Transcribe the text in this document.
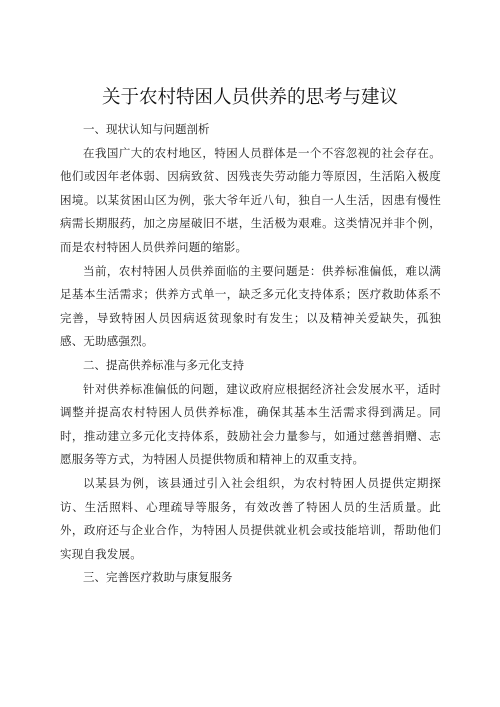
关于农村特困人员供养的思考与建议

一、现状认知与问题剖析

在我国广大的农村地区，特困人员群体是一个不容忽视的社会存在。他们或因年老体弱、因病致贫、因残丧失劳动能力等原因，生活陷入极度困境。以某贫困山区为例，张大爷年近八旬，独自一人生活，因患有慢性病需长期服药，加之房屋破旧不堪，生活极为艰难。这类情况并非个例，而是农村特困人员供养问题的缩影。

当前，农村特困人员供养面临的主要问题是：供养标准偏低，难以满足基本生活需求；供养方式单一，缺乏多元化支持体系；医疗救助体系不完善，导致特困人员因病返贫现象时有发生；以及精神关爱缺失，孤独感、无助感强烈。

二、提高供养标准与多元化支持

针对供养标准偏低的问题，建议政府应根据经济社会发展水平，适时调整并提高农村特困人员供养标准，确保其基本生活需求得到满足。同时，推动建立多元化支持体系，鼓励社会力量参与，如通过慈善捐赠、志愿服务等方式，为特困人员提供物质和精神上的双重支持。

以某县为例，该县通过引入社会组织，为农村特困人员提供定期探访、生活照料、心理疏导等服务，有效改善了特困人员的生活质量。此外，政府还与企业合作，为特困人员提供就业机会或技能培训，帮助他们实现自我发展。

三、完善医疗救助与康复服务
